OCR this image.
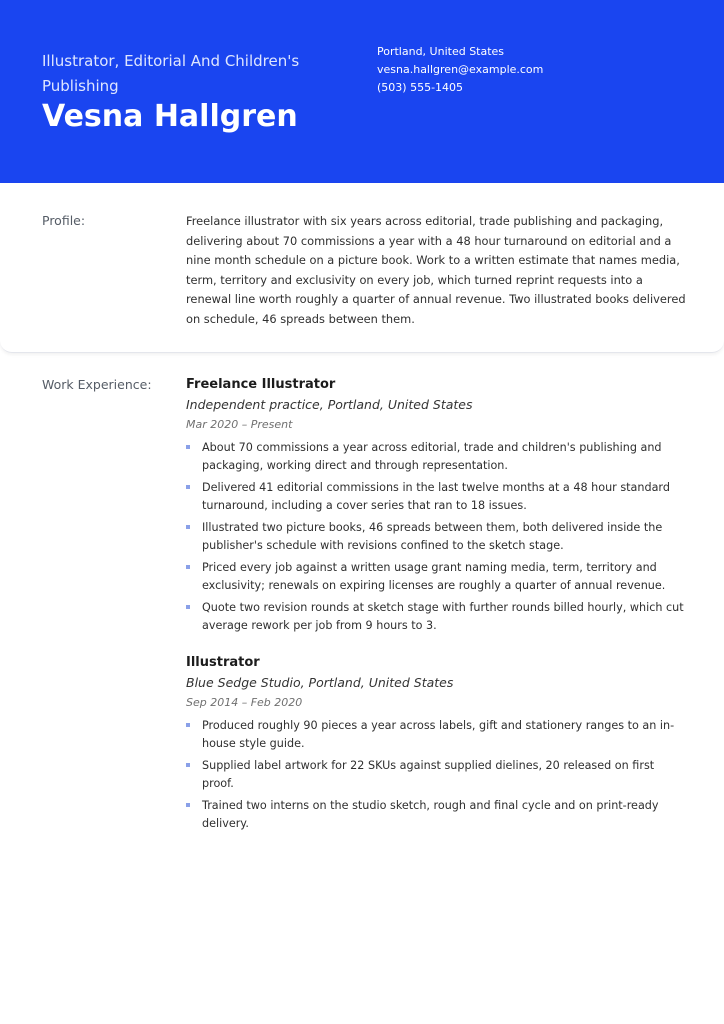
Illustrator, Editorial And Children's Publishing
Vesna Hallgren
Portland, United States
vesna.hallgren@example.com
(503) 555-1405
Profile:	Freelance illustrator with six years across editorial, trade publishing and packaging, delivering about 70 commissions a year with a 48 hour turnaround on editorial and a nine month schedule on a picture book. Work to a written estimate that names media, term, territory and exclusivity on every job, which turned reprint requests into a renewal line worth roughly a quarter of annual revenue. Two illustrated books delivered on schedule, 46 spreads between them.
Work Experience:	Freelance Illustrator
Independent practice, Portland, United States
Mar 2020 – Present
About 70 commissions a year across editorial, trade and children's publishing and packaging, working direct and through representation.
Delivered 41 editorial commissions in the last twelve months at a 48 hour standard turnaround, including a cover series that ran to 18 issues.
Illustrated two picture books, 46 spreads between them, both delivered inside the publisher's schedule with revisions confined to the sketch stage.
Priced every job against a written usage grant naming media, term, territory and exclusivity; renewals on expiring licenses are roughly a quarter of annual revenue.
Quote two revision rounds at sketch stage with further rounds billed hourly, which cut average rework per job from 9 hours to 3.
Illustrator
Blue Sedge Studio, Portland, United States
Sep 2014 – Feb 2020
Produced roughly 90 pieces a year across labels, gift and stationery ranges to an in-house style guide.
Supplied label artwork for 22 SKUs against supplied dielines, 20 released on first proof.
Trained two interns on the studio sketch, rough and final cycle and on print-ready delivery.
